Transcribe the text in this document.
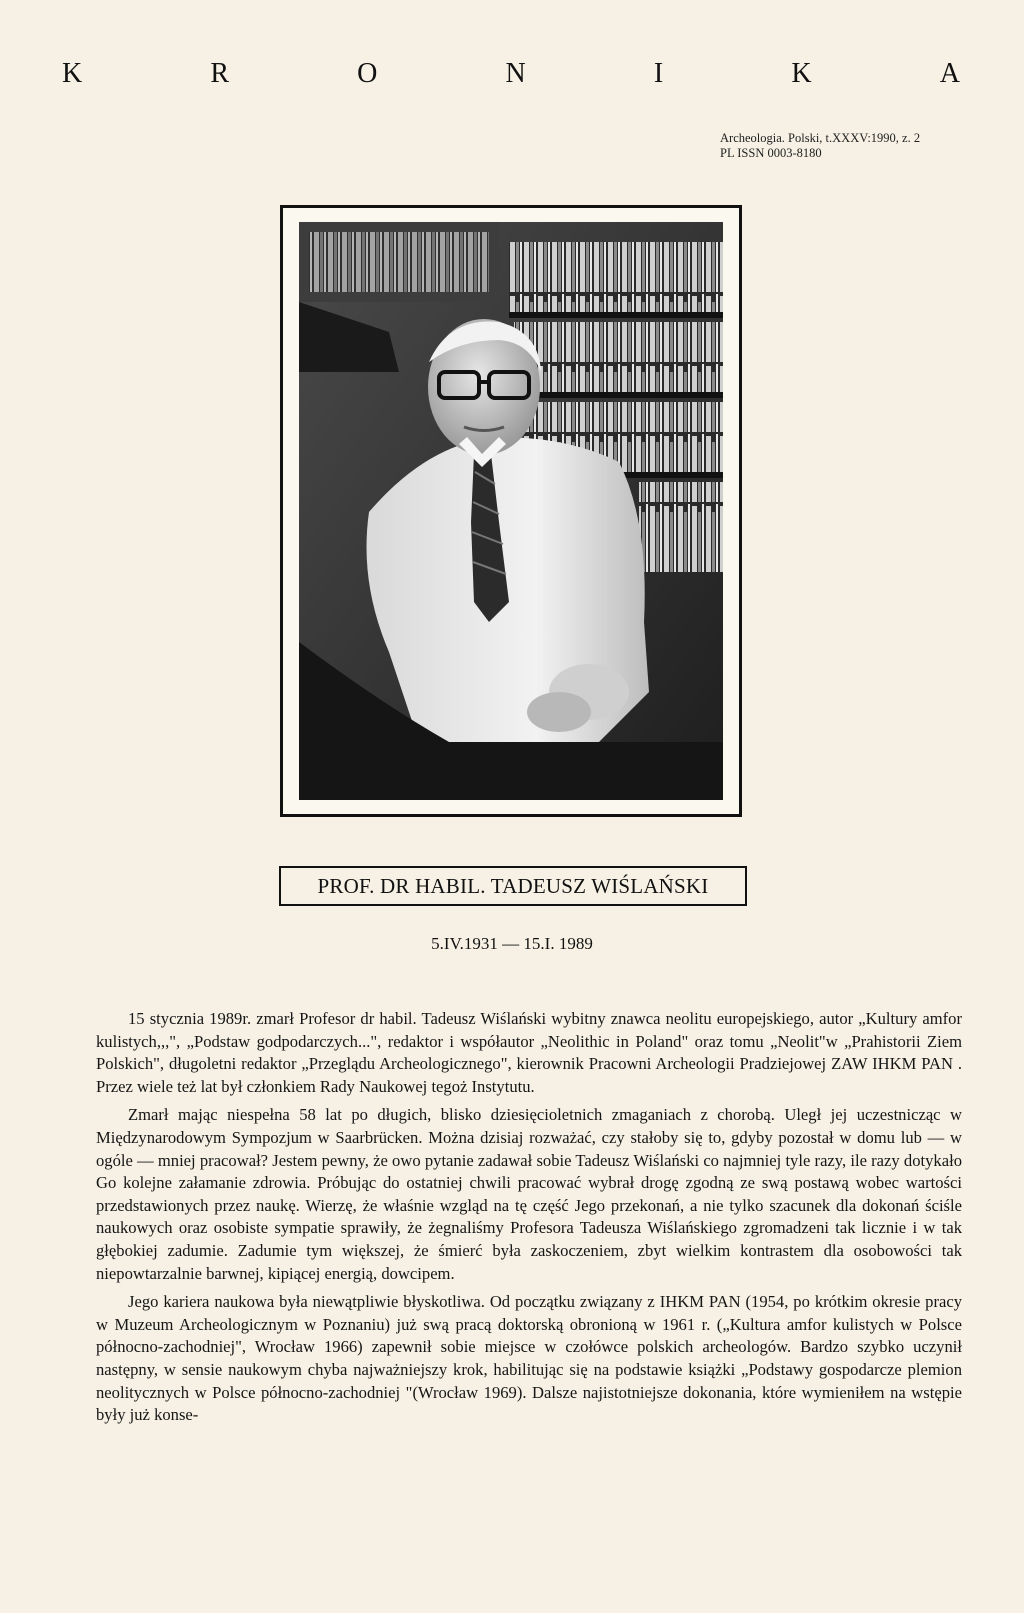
K	R	O	N	I	K	A
Archeologia. Polski, t.XXXV:1990, z. 2
PL ISSN 0003-8180
PROF. DR HABIL. TADEUSZ WIŚLAŃSKI
5.IV.1931 — 15.I. 1989

15 stycznia 1989r. zmarł Profesor dr habil. Tadeusz Wiślański wybitny znawca neolitu europejskiego, autor „Kultury amfor kulistych,,,", „Podstaw godpodarczych...", redaktor i współautor „Neolithic in Poland" oraz tomu „Neolit"w „Prahistorii Ziem Polskich", długoletni redaktor „Przeglądu Archeologicznego", kierownik Pracowni Archeologii Pradziejowej ZAW IHKM PAN . Przez wiele też lat był członkiem Rady Naukowej tegoż Instytutu.

Zmarł mając niespełna 58 lat po długich, blisko dziesięcioletnich zmaganiach z chorobą. Uległ jej uczestnicząc w Międzynarodowym Sympozjum w Saarbrücken. Można dzisiaj rozważać, czy stałoby się to, gdyby pozostał w domu lub — w ogóle — mniej pracował? Jestem pewny, że owo pytanie zadawał sobie Tadeusz Wiślański co najmniej tyle razy, ile razy dotykało Go kolejne załamanie zdrowia. Próbując do ostatniej chwili pracować wybrał drogę zgodną ze swą postawą wobec wartości przedstawionych przez naukę. Wierzę, że właśnie wzgląd na tę część Jego przekonań, a nie tylko szacunek dla dokonań ściśle naukowych oraz osobiste sympatie sprawiły, że żegnaliśmy Profesora Tadeusza Wiślańskiego zgromadzeni tak licznie i w tak głębokiej zadumie. Zadumie tym większej, że śmierć była zaskoczeniem, zbyt wielkim kontrastem dla osobowości tak niepowtarzalnie barwnej, kipiącej energią, dowcipem.

Jego kariera naukowa była niewątpliwie błyskotliwa. Od początku związany z IHKM PAN (1954, po krótkim okresie pracy w Muzeum Archeologicznym w Poznaniu) już swą pracą doktorską obronioną w 1961 r. („Kultura amfor kulistych w Polsce północno-zachodniej", Wrocław 1966) zapewnił sobie miejsce w czołówce polskich archeologów. Bardzo szybko uczynił następny, w sensie naukowym chyba najważniejszy krok, habilitując się na podstawie książki „Podstawy gospodarcze plemion neolitycznych w Polsce północno-zachodniej "(Wrocław 1969). Dalsze najistotniejsze dokonania, które wymieniłem na wstępie były już konse-
